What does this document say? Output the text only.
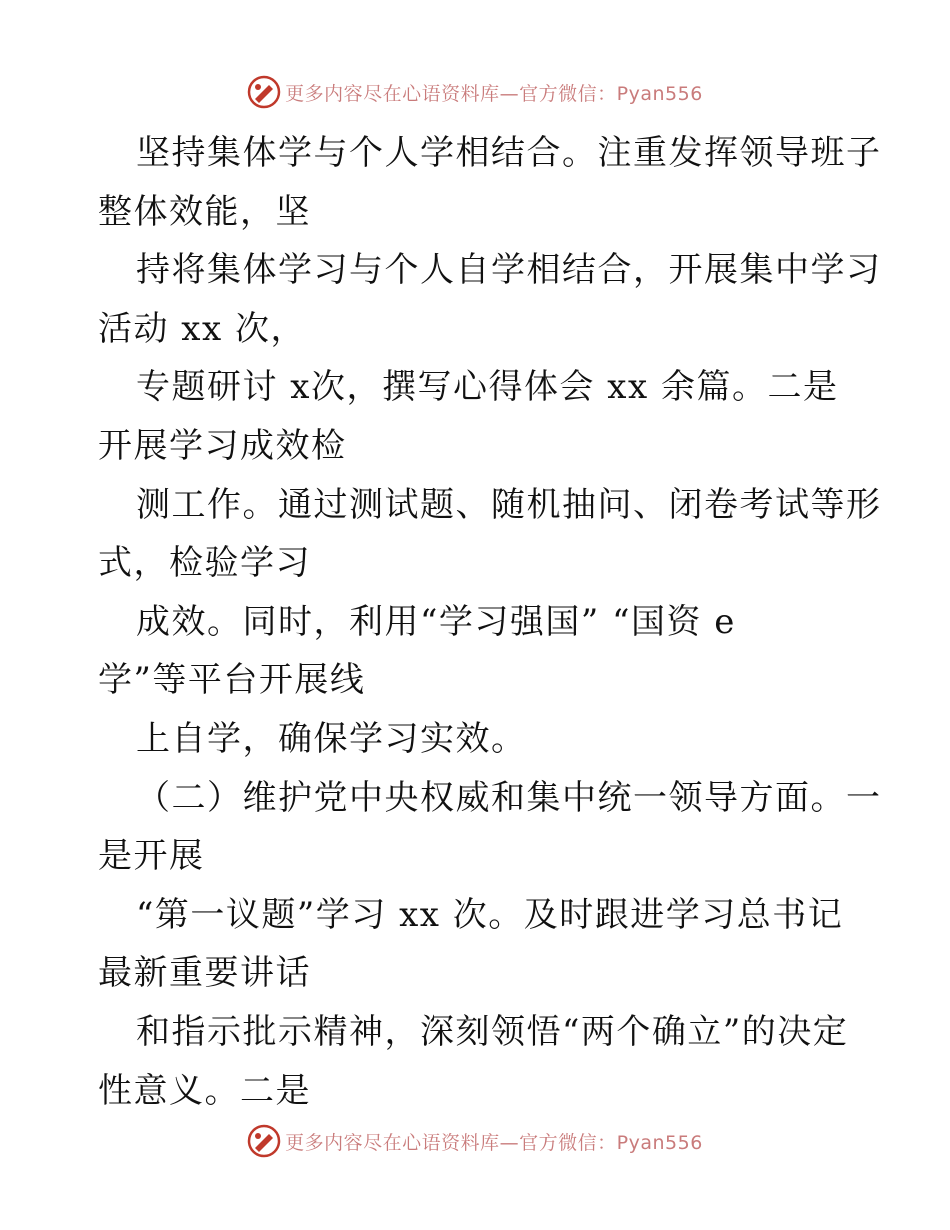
更多内容尽在心语资料库—官方微信：Pyan556
坚持集体学与个人学相结合。注重发挥领导班子
整体效能，坚
持将集体学习与个人自学相结合，开展集中学习
活动 xx 次，
专题研讨 x次，撰写心得体会 xx 余篇。二是
开展学习成效检
测工作。通过测试题、随机抽问、闭卷考试等形
式，检验学习
成效。同时，利用“学习强国” “国资 e
学”等平台开展线
上自学，确保学习实效。
（二）维护党中央权威和集中统一领导方面。一
是开展
“第一议题”学习 xx 次。及时跟进学习总书记
最新重要讲话
和指示批示精神，深刻领悟“两个确立”的决定
性意义。二是
更多内容尽在心语资料库—官方微信：Pyan556
